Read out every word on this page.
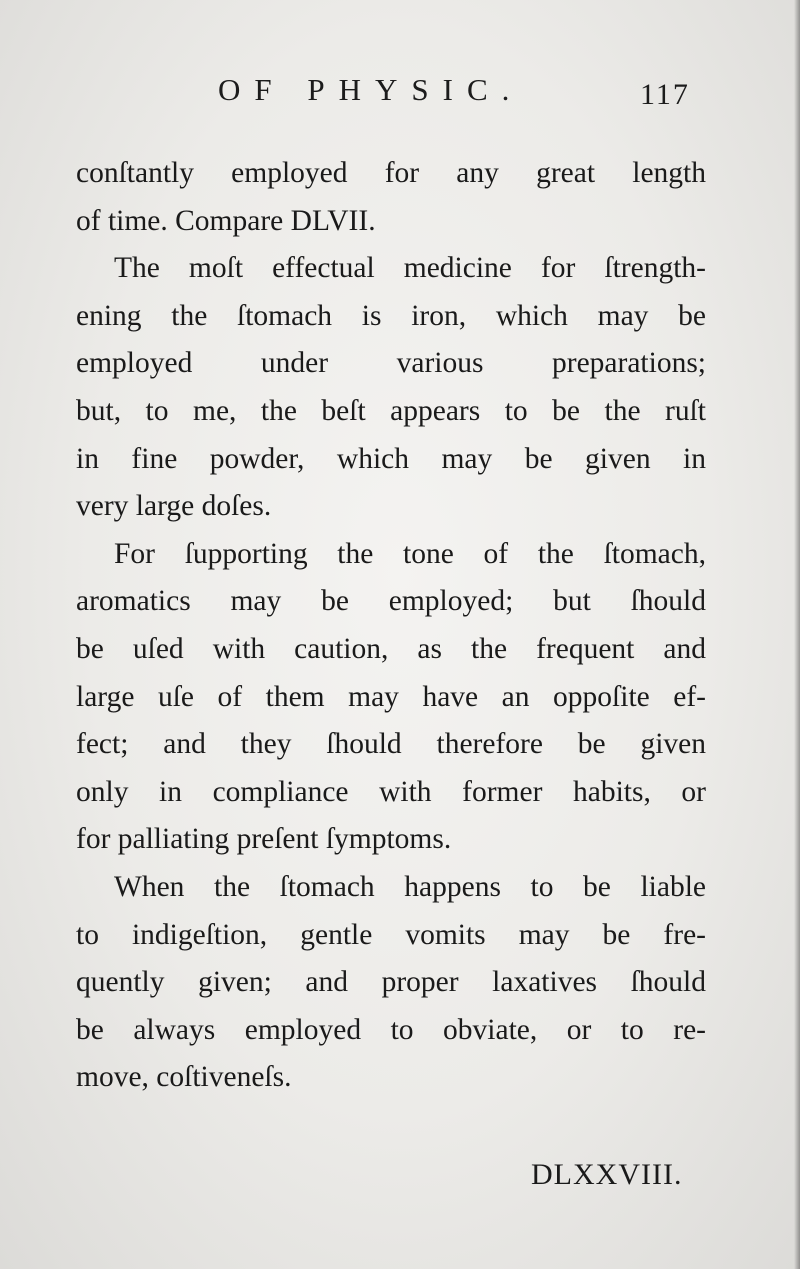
OF PHYSIC.	117
conſtantly employed for any great length
of time. Compare DLVII.
The moſt effectual medicine for ſtrength-
ening the ſtomach is iron, which may be
employed under various preparations;
but, to me, the beſt appears to be the ruſt
in fine powder, which may be given in
very large doſes.
For ſupporting the tone of the ſtomach,
aromatics may be employed; but ſhould
be uſed with caution, as the frequent and
large uſe of them may have an oppoſite ef-
fect; and they ſhould therefore be given
only in compliance with former habits, or
for palliating preſent ſymptoms.
When the ſtomach happens to be liable
to indigeſtion, gentle vomits may be fre-
quently given; and proper laxatives ſhould
be always employed to obviate, or to re-
move, coſtiveneſs.
DLXXVIII.
